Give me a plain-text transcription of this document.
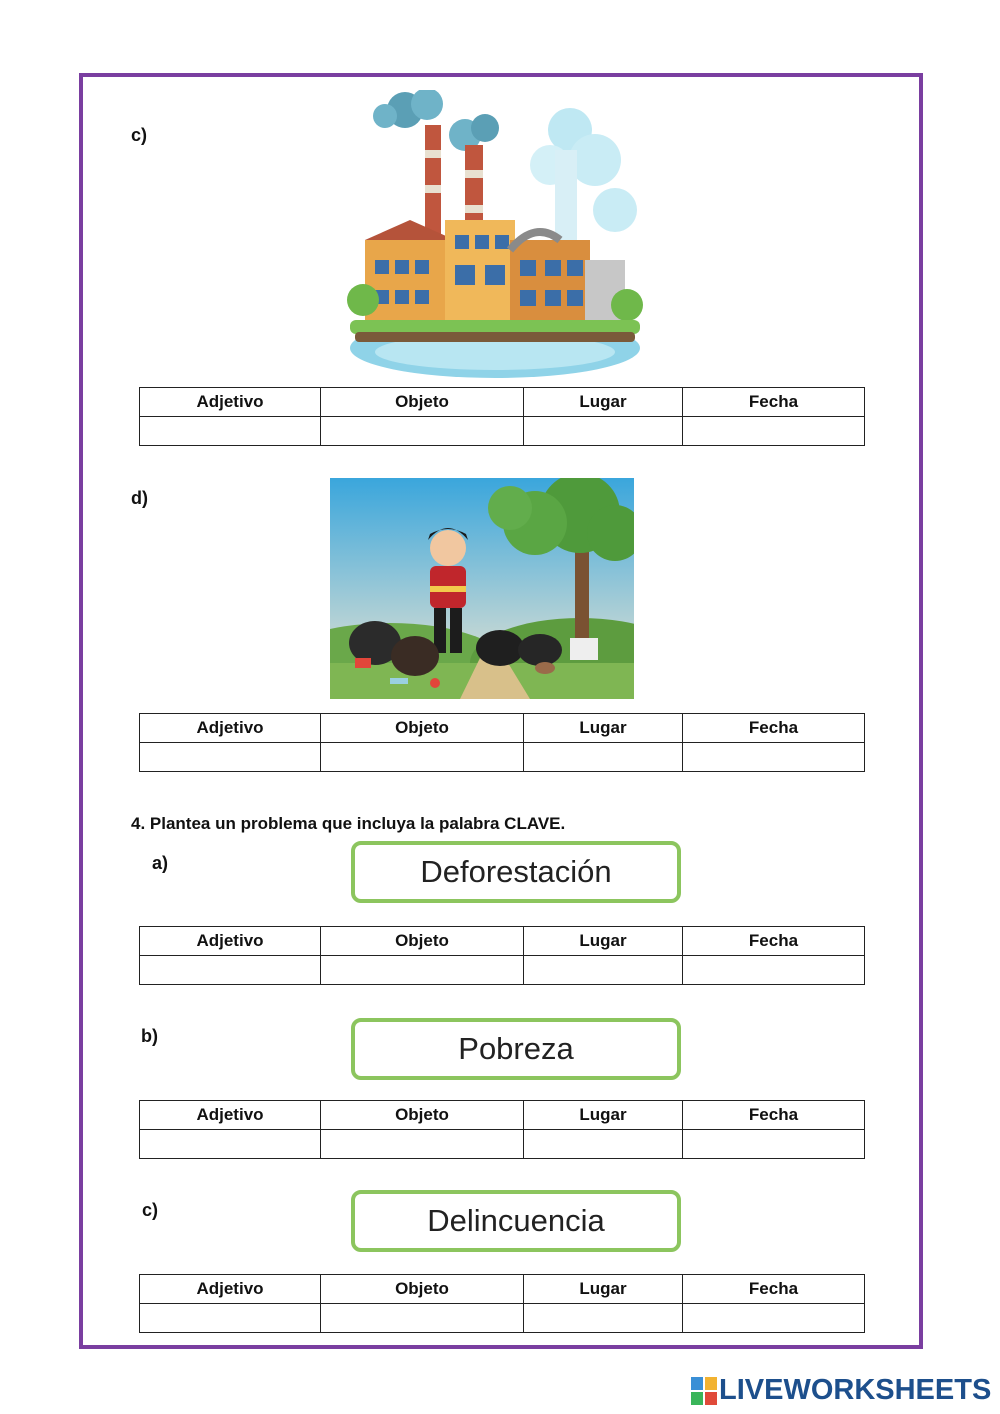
c)
Adjetivo	Objeto	Lugar	Fecha

d)
Adjetivo	Objeto	Lugar	Fecha

4. Plantea un problema que incluya la palabra CLAVE.
a)	Deforestación
Adjetivo	Objeto	Lugar	Fecha

b)	Pobreza
Adjetivo	Objeto	Lugar	Fecha

c)	Delincuencia
Adjetivo	Objeto	Lugar	Fecha

LIVEWORKSHEETS
